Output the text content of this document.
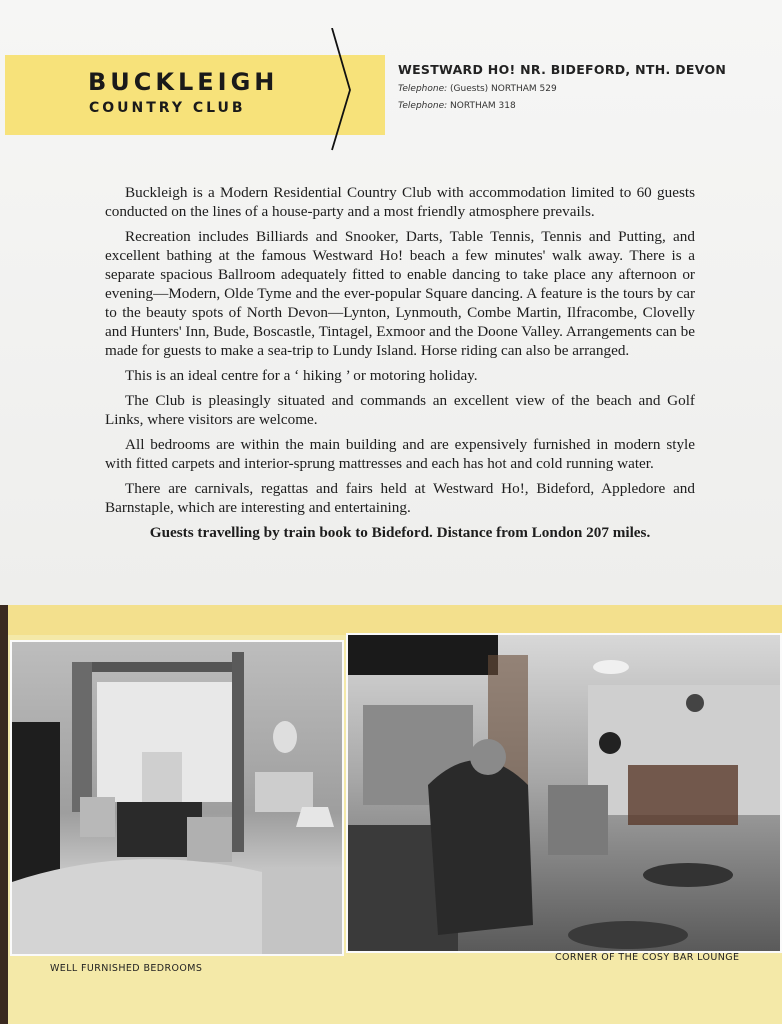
BUCKLEIGH
COUNTRY CLUB
WESTWARD HO! NR. BIDEFORD, NTH. DEVON
Telephone: (Guests) NORTHAM 529
Telephone: NORTHAM 318

Buckleigh is a Modern Residential Country Club with accommodation limited to 60 guests conducted on the lines of a house-party and a most friendly atmosphere prevails.

Recreation includes Billiards and Snooker, Darts, Table Tennis, Tennis and Putting, and excellent bathing at the famous Westward Ho! beach a few minutes' walk away. There is a separate spacious Ballroom adequately fitted to enable dancing to take place any afternoon or evening—Modern, Olde Tyme and the ever-popular Square dancing. A feature is the tours by car to the beauty spots of North Devon—Lynton, Lynmouth, Combe Martin, Ilfracombe, Clovelly and Hunters' Inn, Bude, Boscastle, Tintagel, Exmoor and the Doone Valley. Arrangements can be made for guests to make a sea-trip to Lundy Island. Horse riding can also be arranged.

This is an ideal centre for a ‘ hiking ’ or motoring holiday.

The Club is pleasingly situated and commands an excellent view of the beach and Golf Links, where visitors are welcome.

All bedrooms are within the main building and are expensively furnished in modern style with fitted carpets and interior-sprung mattresses and each has hot and cold running water.

There are carnivals, regattas and fairs held at Westward Ho!, Bideford, Appledore and Barnstaple, which are interesting and entertaining.

Guests travelling by train book to Bideford. Distance from London 207 miles.

WELL FURNISHED BEDROOMS
CORNER OF THE COSY BAR LOUNGE
